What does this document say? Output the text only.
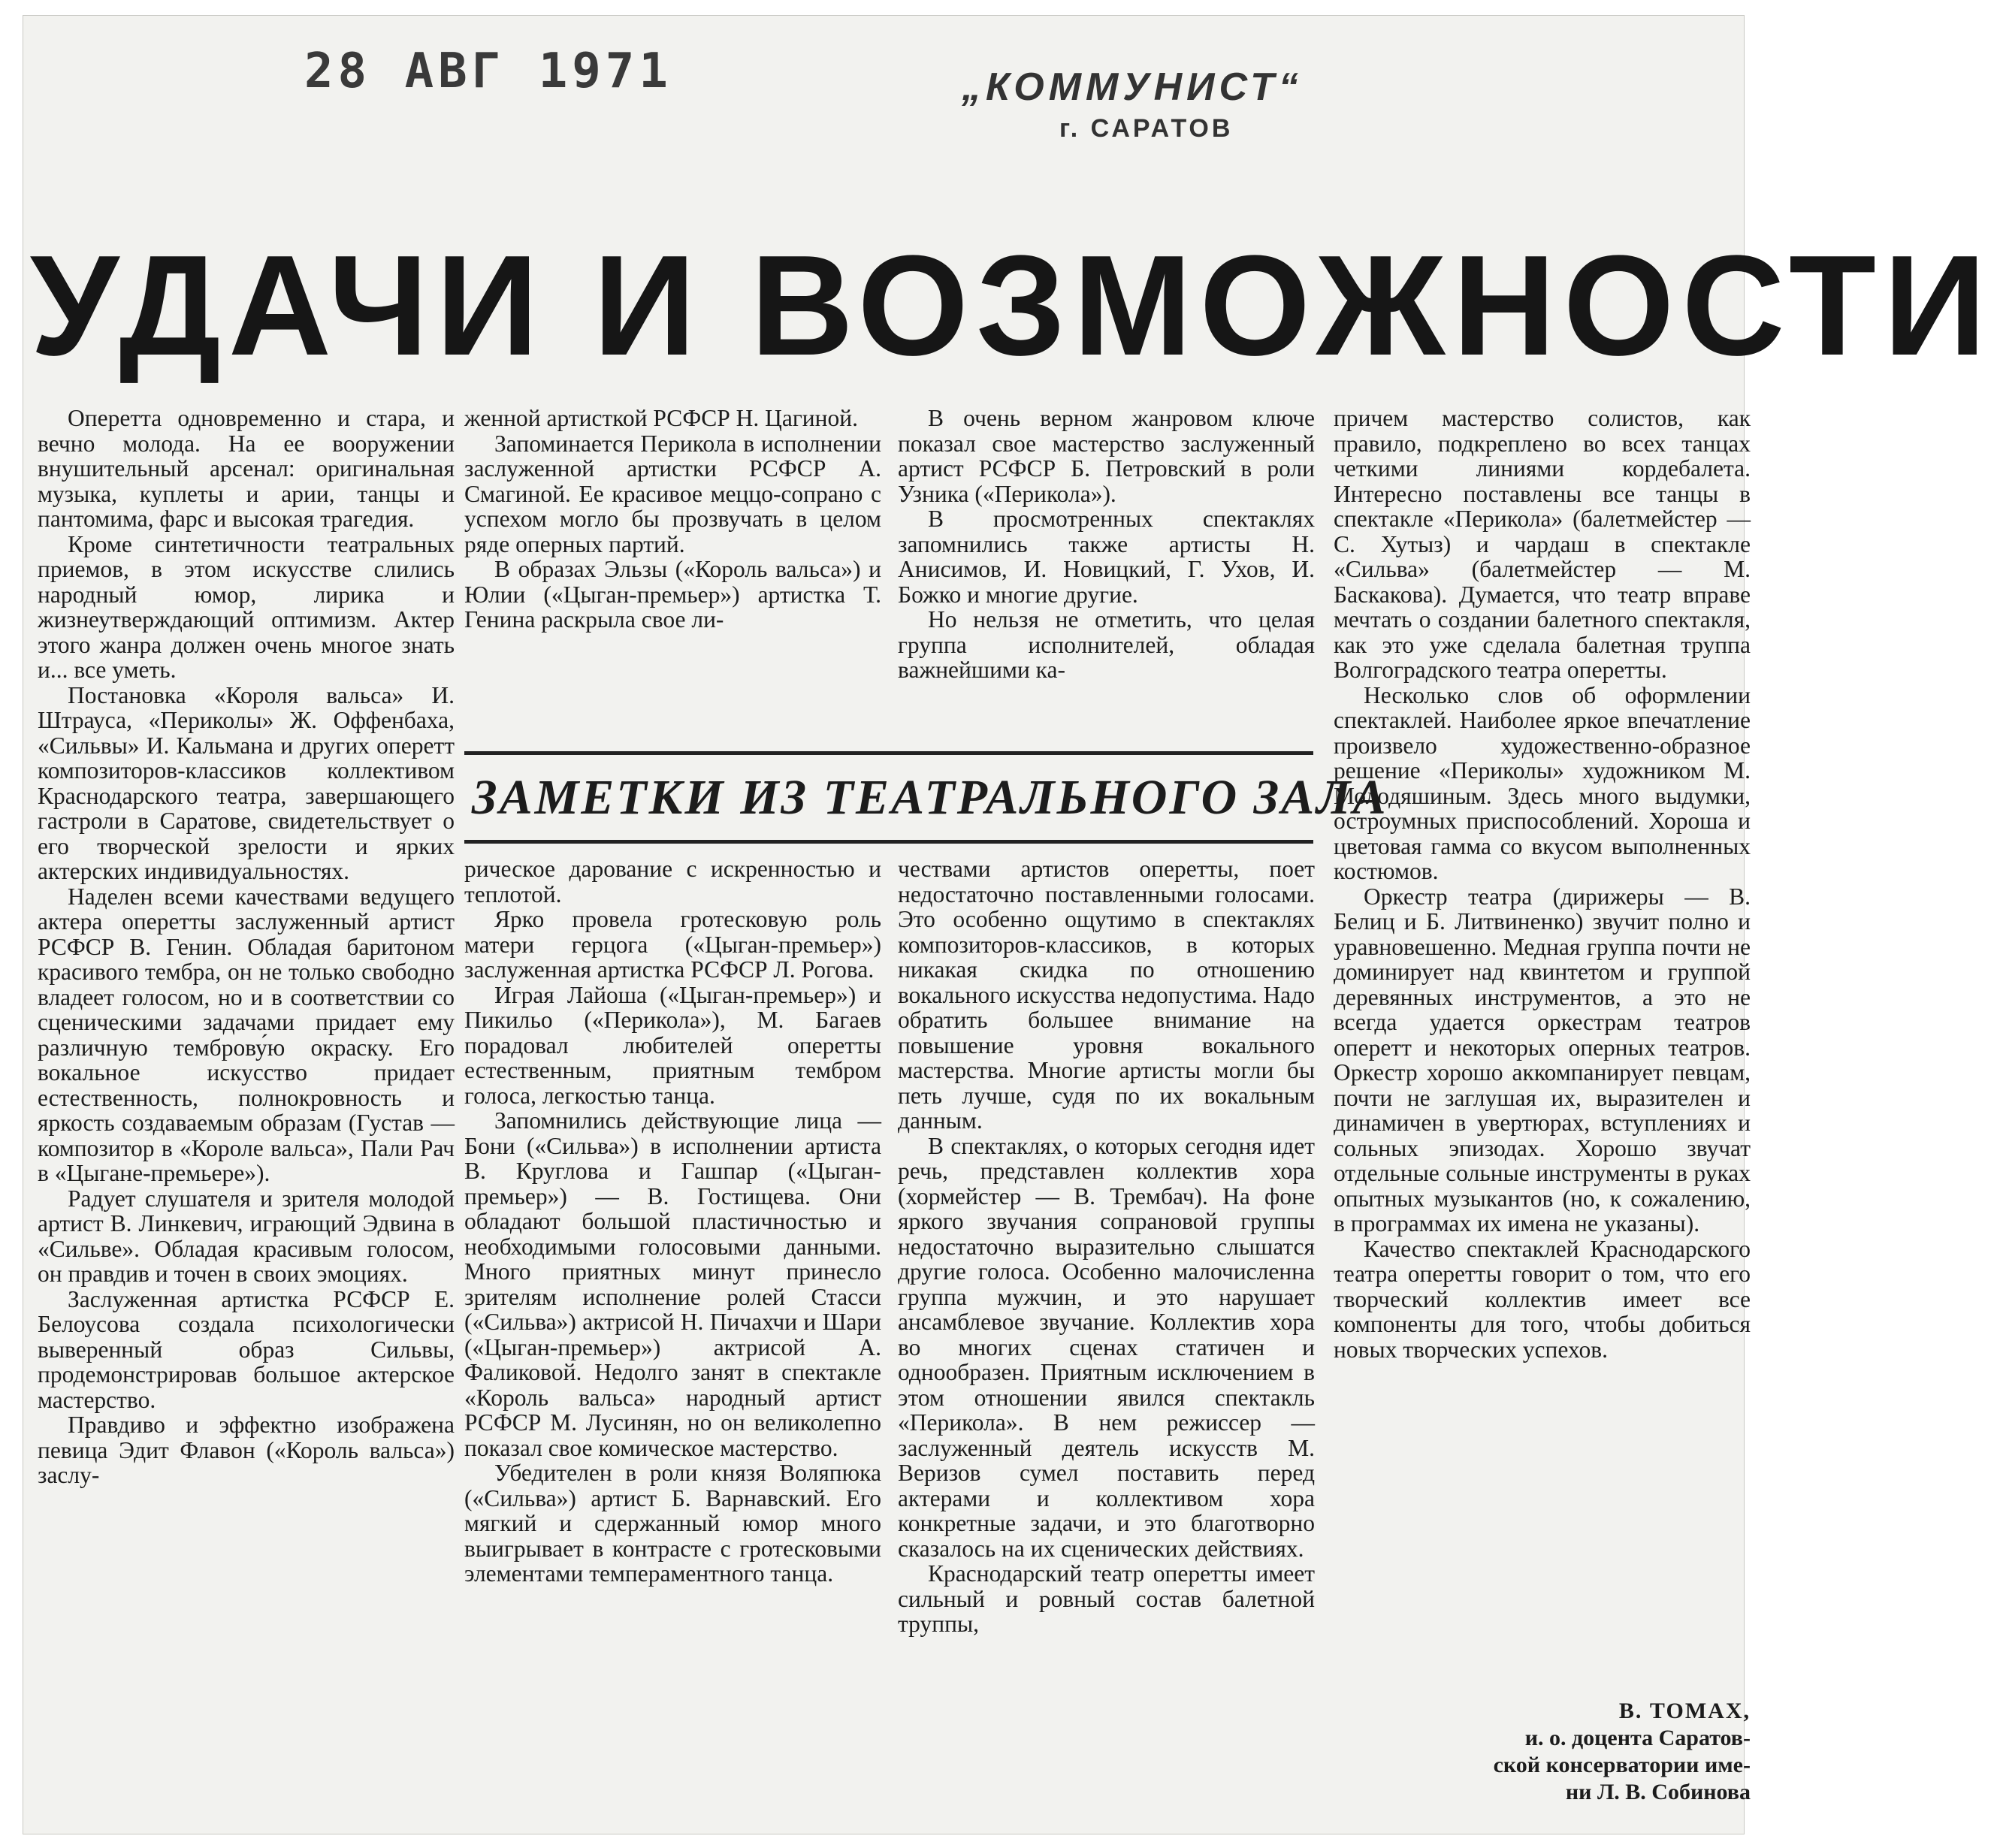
28 АВГ 1971	„КОММУНИСТ“
г. САРАТОВ
УДАЧИ И ВОЗМОЖНОСТИ

Оперетта одновременно и стара, и вечно молода. На ее вооружении внушительный арсенал: оригинальная музыка, куплеты и арии, танцы и пантомима, фарс и высокая трагедия.

Кроме синтетичности театральных приемов, в этом искусстве слились народный юмор, лирика и жизнеутверждающий оптимизм. Актер этого жанра должен очень многое знать и... все уметь.

Постановка «Короля вальса» И. Штрауса, «Периколы» Ж. Оффенбаха, «Сильвы» И. Кальмана и других оперетт композиторов-классиков коллективом Краснодарского театра, завершающего гастроли в Саратове, свидетельствует о его творческой зрелости и ярких актерских индивидуальностях.

Наделен всеми качествами ведущего актера оперетты заслуженный артист РСФСР В. Генин. Обладая баритоном красивого тембра, он не только свободно владеет голосом, но и в соответствии со сценическими задачами придает ему различную темброву́ю окраску. Его вокальное искусство придает естественность, полнокровность и яркость создаваемым образам (Густав — композитор в «Короле вальса», Пали Рач в «Цыгане-премьере»).

Радует слушателя и зрителя молодой артист В. Линкевич, играющий Эдвина в «Сильве». Обладая красивым голосом, он правдив и точен в своих эмоциях.

Заслуженная артистка РСФСР Е. Белоусова создала психологически выверенный образ Сильвы, продемонстрировав большое актерское мастерство.

Правдиво и эффектно изображена певица Эдит Флавон («Король вальса») заслу-

женной артисткой РСФСР Н. Цагиной.

Запоминается Перикола в исполнении заслуженной артистки РСФСР А. Смагиной. Ее красивое меццо-сопрано с успехом могло бы прозвучать в целом ряде оперных партий.

В образах Эльзы («Король вальса») и Юлии («Цыган-премьер») артистка Т. Генина раскрыла свое ли-

В очень верном жанровом ключе показал свое мастерство заслуженный артист РСФСР Б. Петровский в роли Узника («Перикола»).

В просмотренных спектаклях запомнились также артисты Н. Анисимов, И. Новицкий, Г. Ухов, И. Божко и многие другие.

Но нельзя не отметить, что целая группа исполнителей, обладая важнейшими ка-

ЗАМЕТКИ ИЗ ТЕАТРАЛЬНОГО ЗАЛА

рическое дарование с искренностью и теплотой.

Ярко провела гротесковую роль матери герцога («Цыган-премьер») заслуженная артистка РСФСР Л. Рогова.

Играя Лайоша («Цыган-премьер») и Пикильо («Перикола»), М. Багаев порадовал любителей оперетты естественным, приятным тембром голоса, легкостью танца.

Запомнились действующие лица — Бони («Сильва») в исполнении артиста В. Круглова и Гашпар («Цыган-премьер») — В. Гостищева. Они обладают большой пластичностью и необходимыми голосовыми данными. Много приятных минут принесло зрителям исполнение ролей Стасси («Сильва») актрисой Н. Пичахчи и Шари («Цыган-премьер») актрисой А. Фаликовой. Недолго занят в спектакле «Король вальса» народный артист РСФСР М. Лусинян, но он великолепно показал свое комическое мастерство.

Убедителен в роли князя Воляпюка («Сильва») артист Б. Варнавский. Его мягкий и сдержанный юмор много выигрывает в контрасте с гротесковыми элементами темпераментного танца.

чествами артистов оперетты, поет недостаточно поставленными голосами. Это особенно ощутимо в спектаклях композиторов-классиков, в которых никакая скидка по отношению вокального искусства недопустима. Надо обратить большее внимание на повышение уровня вокального мастерства. Многие артисты могли бы петь лучше, судя по их вокальным данным.

В спектаклях, о которых сегодня идет речь, представлен коллектив хора (хормейстер — В. Трембач). На фоне яркого звучания сопрановой группы недостаточно выразительно слышатся другие голоса. Особенно малочисленна группа мужчин, и это нарушает ансамблевое звучание. Коллектив хора во многих сценах статичен и однообразен. Приятным исключением в этом отношении явился спектакль «Перикола». В нем режиссер — заслуженный деятель искусств М. Веризов сумел поставить перед актерами и коллективом хора конкретные задачи, и это благотворно сказалось на их сценических действиях.

Краснодарский театр оперетты имеет сильный и ровный состав балетной труппы,

причем мастерство солистов, как правило, подкреплено во всех танцах четкими линиями кордебалета. Интересно поставлены все танцы в спектакле «Перикола» (балетмейстер — С. Хутыз) и чардаш в спектакле «Сильва» (балетмейстер — М. Баскакова). Думается, что театр вправе мечтать о создании балетного спектакля, как это уже сделала балетная труппа Волгоградского театра оперетты.

Несколько слов об оформлении спектаклей. Наиболее яркое впечатление произвело художественно-образное решение «Периколы» художником М. Молодяшиным. Здесь много выдумки, остроумных приспособлений. Хороша и цветовая гамма со вкусом выполненных костюмов.

Оркестр театра (дирижеры — В. Белиц и Б. Литвиненко) звучит полно и уравновешенно. Медная группа почти не доминирует над квинтетом и группой деревянных инструментов, а это не всегда удается оркестрам театров оперетт и некоторых оперных театров. Оркестр хорошо аккомпанирует певцам, почти не заглушая их, выразителен и динамичен в увертюрах, вступлениях и сольных эпизодах. Хорошо звучат отдельные сольные инструменты в руках опытных музыкантов (но, к сожалению, в программах их имена не указаны).

Качество спектаклей Краснодарского театра оперетты говорит о том, что его творческий коллектив имеет все компоненты для того, чтобы добиться новых творческих успехов.

В. ТОМАХ,
и. о. доцента Саратов-
ской консерватории име-
ни Л. В. Собинова
